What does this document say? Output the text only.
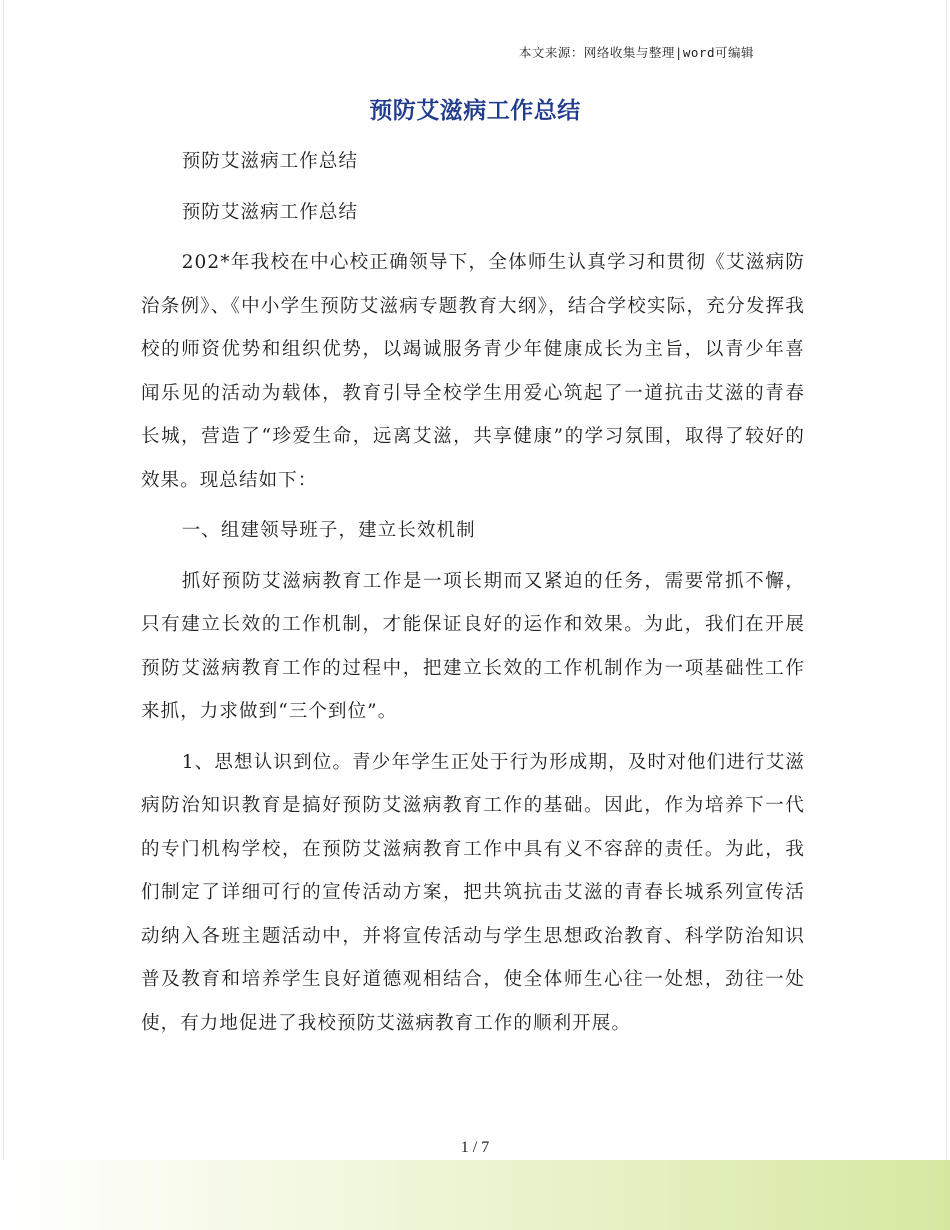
本文来源：网络收集与整理|word可编辑
预防艾滋病工作总结

预防艾滋病工作总结

预防艾滋病工作总结

202*年我校在中心校正确领导下，全体师生认真学习和贯彻《艾滋病防治条例》、《中小学生预防艾滋病专题教育大纲》，结合学校实际，充分发挥我校的师资优势和组织优势，以竭诚服务青少年健康成长为主旨，以青少年喜闻乐见的活动为载体，教育引导全校学生用爱心筑起了一道抗击艾滋的青春长城，营造了“珍爱生命，远离艾滋，共享健康”的学习氛围，取得了较好的效果。现总结如下：

一、组建领导班子，建立长效机制

抓好预防艾滋病教育工作是一项长期而又紧迫的任务，需要常抓不懈，只有建立长效的工作机制，才能保证良好的运作和效果。为此，我们在开展预防艾滋病教育工作的过程中，把建立长效的工作机制作为一项基础性工作来抓，力求做到“三个到位”。

1、思想认识到位。青少年学生正处于行为形成期，及时对他们进行艾滋病防治知识教育是搞好预防艾滋病教育工作的基础。因此，作为培养下一代的专门机构学校，在预防艾滋病教育工作中具有义不容辞的责任。为此，我们制定了详细可行的宣传活动方案，把共筑抗击艾滋的青春长城系列宣传活动纳入各班主题活动中，并将宣传活动与学生思想政治教育、科学防治知识普及教育和培养学生良好道德观相结合，使全体师生心往一处想，劲往一处使，有力地促进了我校预防艾滋病教育工作的顺利开展。

1 / 7
